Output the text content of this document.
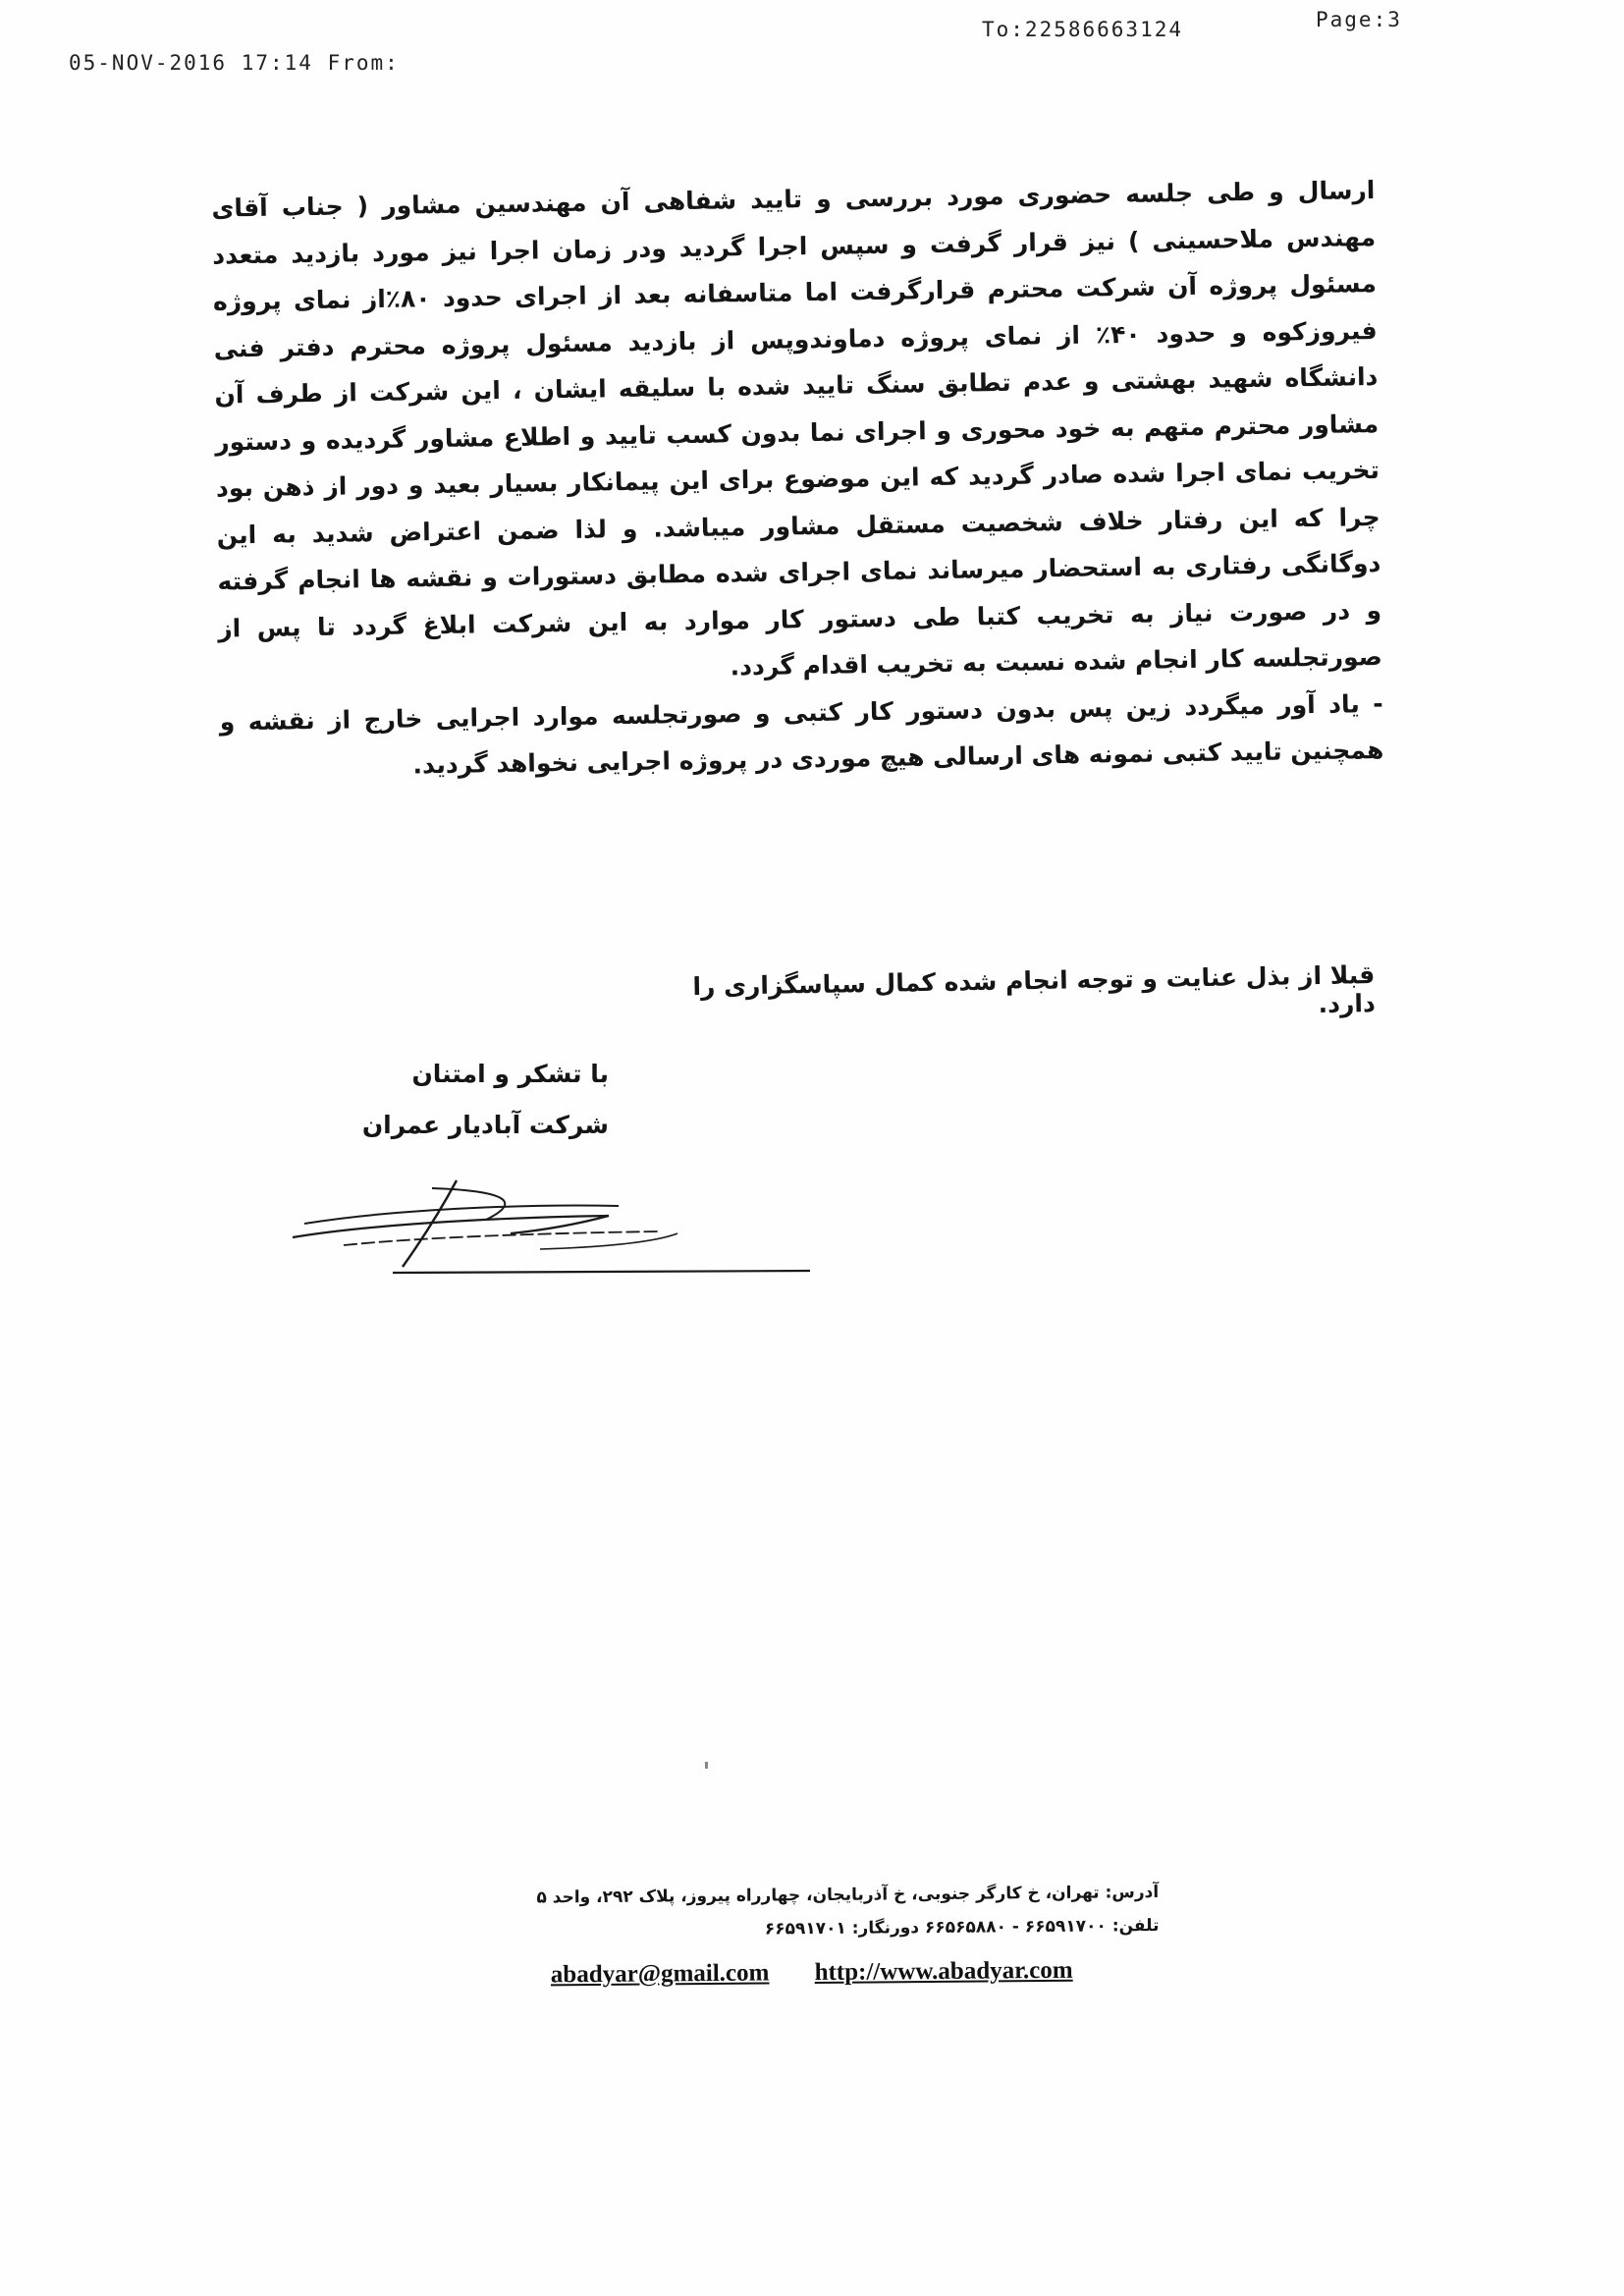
05-NOV-2016 17:14 From:
To:22586663124	Page:3

ارسال و طی جلسه حضوری مورد بررسی و تایید شفاهی آن مهندسین مشاور ( جناب آقای مهندس ملاحسینی ) نیز قرار گرفت و سپس اجرا گردید ودر زمان اجرا نیز مورد بازدید متعدد مسئول پروژه آن شرکت محترم قرارگرفت اما متاسفانه بعد از اجرای حدود ۸۰٪از نمای پروژه فیروزکوه و حدود ۴۰٪ از نمای پروژه دماوندوپس از بازدید مسئول پروژه محترم دفتر فنی دانشگاه شهید بهشتی و عدم تطابق سنگ تایید شده با سلیقه ایشان ، این شرکت از طرف آن مشاور محترم متهم به خود محوری و اجرای نما بدون کسب تایید و اطلاع مشاور گردیده و دستور تخریب نمای اجرا شده صادر گردید که این موضوع برای این پیمانکار بسیار بعید و دور از ذهن بود چرا که این رفتار خلاف شخصیت مستقل مشاور میباشد. و لذا ضمن اعتراض شدید به این دوگانگی رفتاری به استحضار میرساند نمای اجرای شده مطابق دستورات و نقشه ها انجام گرفته و در صورت نیاز به تخریب کتبا طی دستور کار موارد به این شرکت ابلاغ گردد تا پس از صورتجلسه کار انجام شده نسبت به تخریب اقدام گردد.

- یاد آور میگردد زین پس بدون دستور کار کتبی و صورتجلسه موارد اجرایی خارج از نقشه و همچنین تایید کتبی نمونه های ارسالی هیچ موردی در پروژه اجرایی نخواهد گردید.

قبلا از بذل عنایت و توجه انجام شده کمال سپاسگزاری را دارد.
با تشکر و امتنان
شرکت آبادیار عمران
آدرس: تهران، خ کارگر جنوبی، خ آذربایجان، چهارراه پیروز، پلاک ۲۹۲، واحد ۵
تلفن: ۶۶۵۹۱۷۰۰ - ۶۶۵۶۵۸۸۰ دورنگار: ۶۶۵۹۱۷۰۱
abadyar@gmail.com http://www.abadyar.com
